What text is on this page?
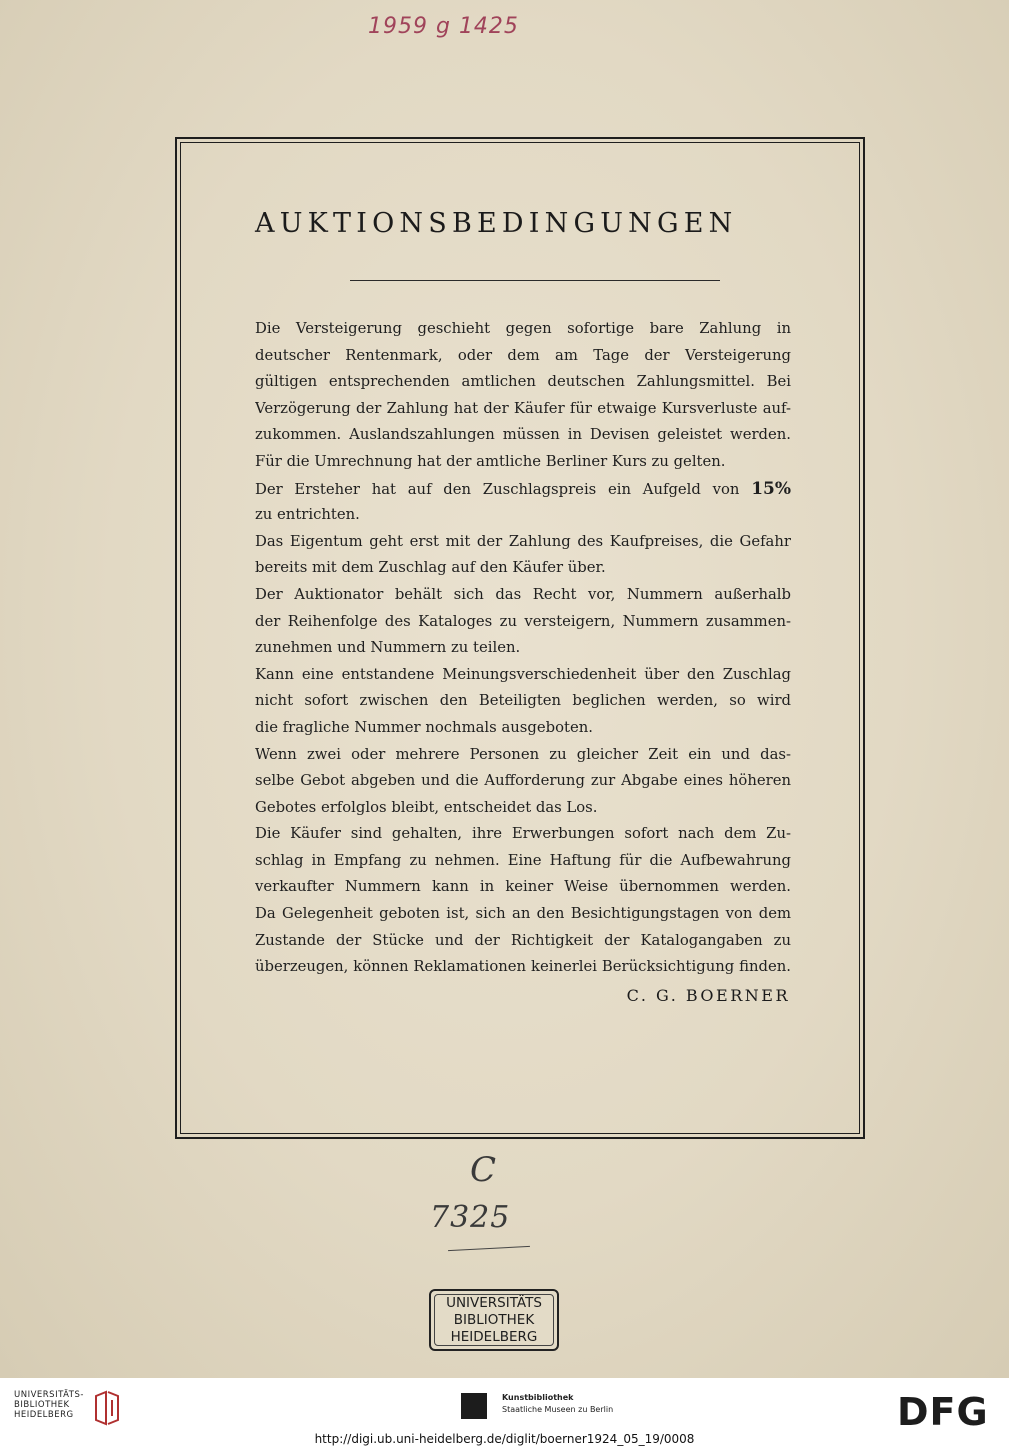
1959 g 1425
AUKTIONSBEDINGUNGEN
Die Versteigerung geschieht gegen sofortige bare Zahlung in
deutscher Rentenmark, oder dem am Tage der Versteigerung
gültigen entsprechenden amtlichen deutschen Zahlungsmittel. Bei
Verzögerung der Zahlung hat der Käufer für etwaige Kursverluste auf-
zukommen. Auslandszahlungen müssen in Devisen geleistet werden.
Für die Umrechnung hat der amtliche Berliner Kurs zu gelten.
Der Ersteher hat auf den Zuschlagspreis ein Aufgeld von 15%
zu entrichten.
Das Eigentum geht erst mit der Zahlung des Kaufpreises, die Gefahr
bereits mit dem Zuschlag auf den Käufer über.
Der Auktionator behält sich das Recht vor, Nummern außerhalb
der Reihenfolge des Kataloges zu versteigern, Nummern zusammen-
zunehmen und Nummern zu teilen.
Kann eine entstandene Meinungsverschiedenheit über den Zuschlag
nicht sofort zwischen den Beteiligten beglichen werden, so wird
die fragliche Nummer nochmals ausgeboten.
Wenn zwei oder mehrere Personen zu gleicher Zeit ein und das-
selbe Gebot abgeben und die Aufforderung zur Abgabe eines höheren
Gebotes erfolglos bleibt, entscheidet das Los.
Die Käufer sind gehalten, ihre Erwerbungen sofort nach dem Zu-
schlag in Empfang zu nehmen. Eine Haftung für die Aufbewahrung
verkaufter Nummern kann in keiner Weise übernommen werden.
Da Gelegenheit geboten ist, sich an den Besichtigungstagen von dem
Zustande der Stücke und der Richtigkeit der Katalogangaben zu
überzeugen, können Reklamationen keinerlei Berücksichtigung finden.
C. G. BOERNER
C
7325
UNIVERSITÄTS
BIBLIOTHEK
HEIDELBERG
UNIVERSITÄTS-
BIBLIOTHEK
HEIDELBERG
Kunstbibliothek
Staatliche Museen zu Berlin	DFG
http://digi.ub.uni-heidelberg.de/diglit/boerner1924_05_19/0008
